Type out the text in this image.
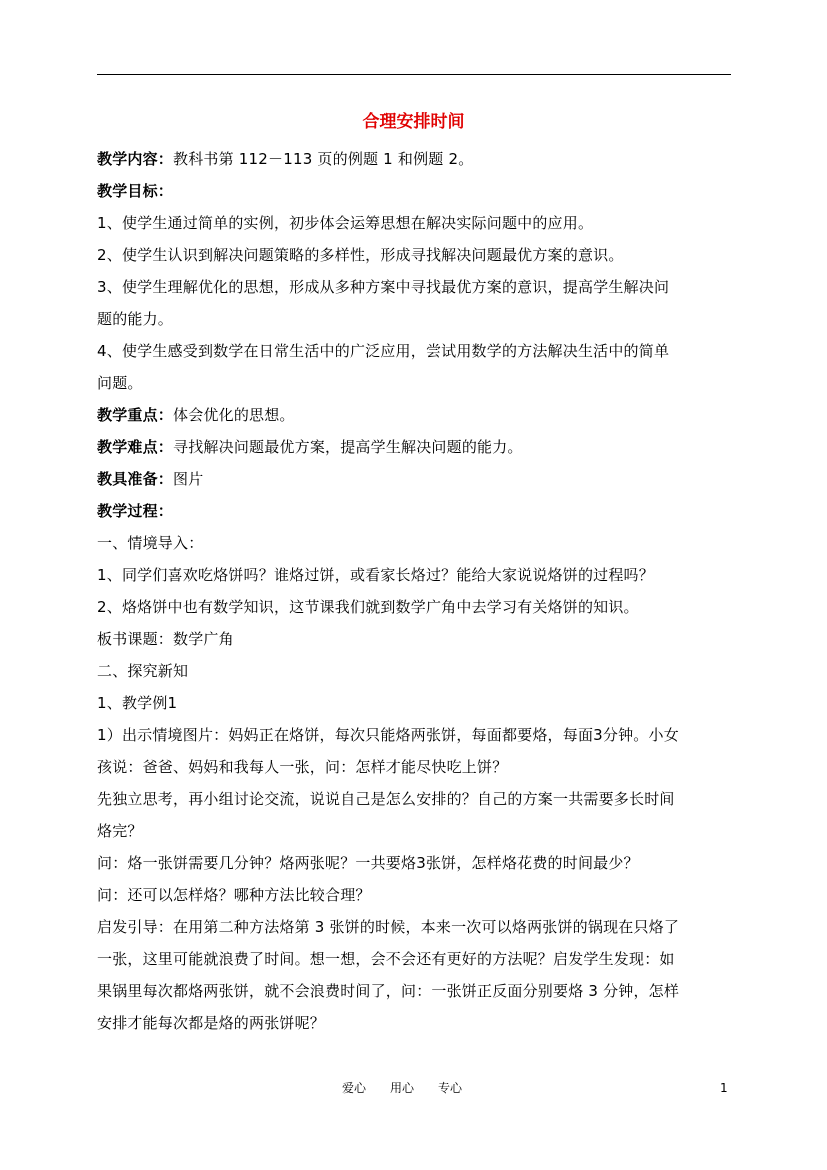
合理安排时间
教学内容：教科书第 112－113 页的例题 1 和例题 2。
教学目标：
1、使学生通过简单的实例，初步体会运筹思想在解决实际问题中的应用。
2、使学生认识到解决问题策略的多样性，形成寻找解决问题最优方案的意识。
3、使学生理解优化的思想，形成从多种方案中寻找最优方案的意识，提高学生解决问
题的能力。
4、使学生感受到数学在日常生活中的广泛应用，尝试用数学的方法解决生活中的简单
问题。
教学重点：体会优化的思想。
教学难点：寻找解决问题最优方案，提高学生解决问题的能力。
教具准备：图片
教学过程：
一、情境导入：
1、同学们喜欢吃烙饼吗？谁烙过饼，或看家长烙过？能给大家说说烙饼的过程吗？
2、烙烙饼中也有数学知识，这节课我们就到数学广角中去学习有关烙饼的知识。
板书课题：数学广角
二、探究新知
1、教学例1
1）出示情境图片：妈妈正在烙饼，每次只能烙两张饼，每面都要烙，每面3分钟。小女
孩说：爸爸、妈妈和我每人一张，问：怎样才能尽快吃上饼？
先独立思考，再小组讨论交流，说说自己是怎么安排的？自己的方案一共需要多长时间
烙完？
问：烙一张饼需要几分钟？烙两张呢？一共要烙3张饼，怎样烙花费的时间最少？
问：还可以怎样烙？哪种方法比较合理？
启发引导：在用第二种方法烙第 3 张饼的时候，本来一次可以烙两张饼的锅现在只烙了
一张，这里可能就浪费了时间。想一想，会不会还有更好的方法呢？启发学生发现：如
果锅里每次都烙两张饼，就不会浪费时间了，问：一张饼正反面分别要烙 3 分钟，怎样
安排才能每次都是烙的两张饼呢？
爱心 用心 专心	1
